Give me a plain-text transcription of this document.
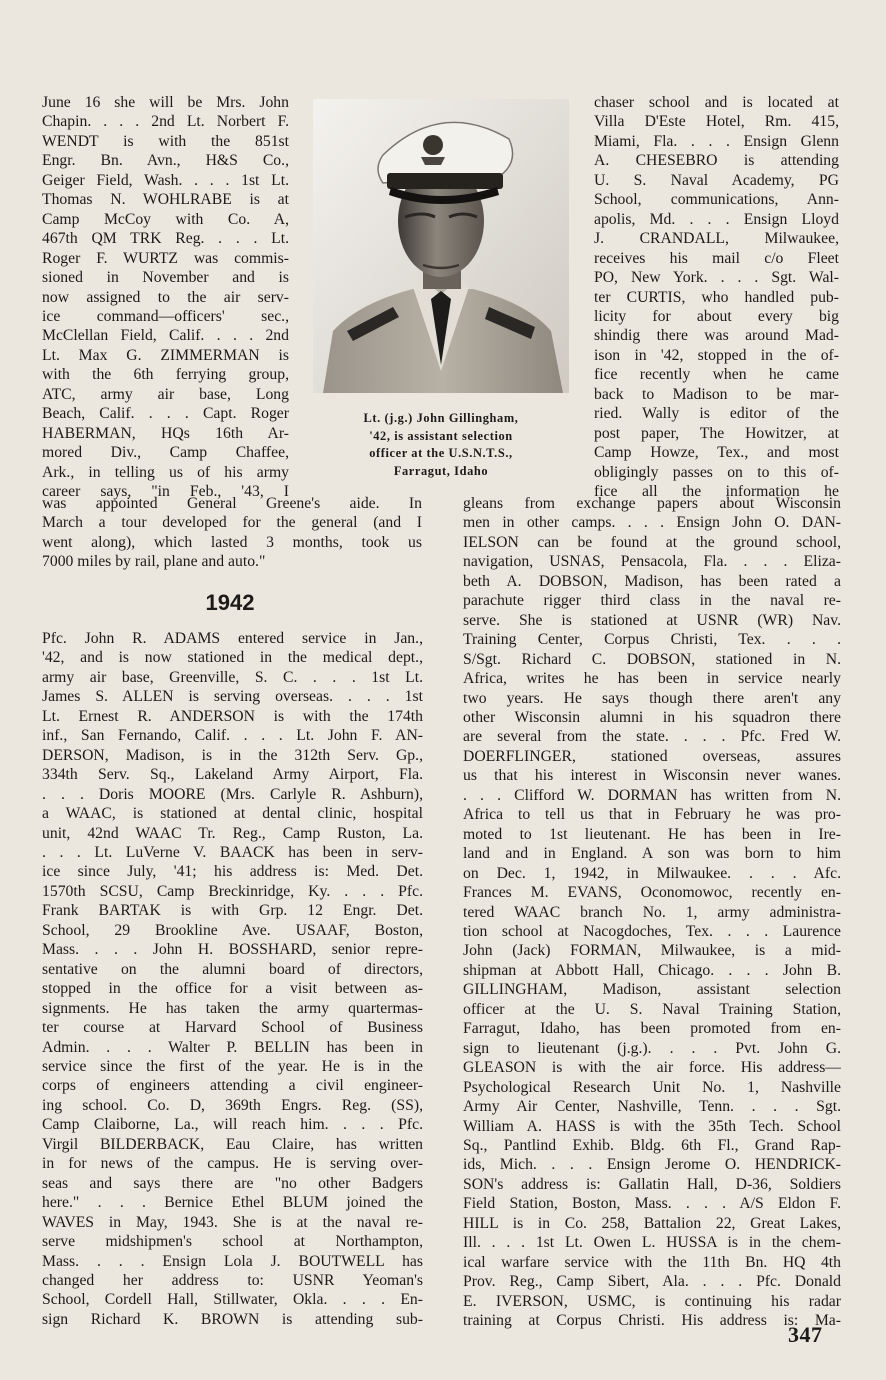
June 16 she will be Mrs. John
Chapin. . . . 2nd Lt. Norbert F.
WENDT is with the 851st
Engr. Bn. Avn., H&S Co.,
Geiger Field, Wash. . . . 1st Lt.
Thomas N. WOHLRABE is at
Camp McCoy with Co. A,
467th QM TRK Reg. . . . Lt.
Roger F. WURTZ was commis-
sioned in November and is
now assigned to the air serv-
ice command—officers' sec.,
McClellan Field, Calif. . . . 2nd
Lt. Max G. ZIMMERMAN is
with the 6th ferrying group,
ATC, army air base, Long
Beach, Calif. . . . Capt. Roger
HABERMAN, HQs 16th Ar-
mored Div., Camp Chaffee,
Ark., in telling us of his army
career says, "in Feb., '43, I
was appointed General Greene's aide. In
March a tour developed for the general (and I
went along), which lasted 3 months, took us
7000 miles by rail, plane and auto."
1942
Pfc. John R. ADAMS entered service in Jan.,
'42, and is now stationed in the medical dept.,
army air base, Greenville, S. C. . . . 1st Lt.
James S. ALLEN is serving overseas. . . . 1st
Lt. Ernest R. ANDERSON is with the 174th
inf., San Fernando, Calif. . . . Lt. John F. AN-
DERSON, Madison, is in the 312th Serv. Gp.,
334th Serv. Sq., Lakeland Army Airport, Fla.
. . . Doris MOORE (Mrs. Carlyle R. Ashburn),
a WAAC, is stationed at dental clinic, hospital
unit, 42nd WAAC Tr. Reg., Camp Ruston, La.
. . . Lt. LuVerne V. BAACK has been in serv-
ice since July, '41; his address is: Med. Det.
1570th SCSU, Camp Breckinridge, Ky. . . . Pfc.
Frank BARTAK is with Grp. 12 Engr. Det.
School, 29 Brookline Ave. USAAF, Boston,
Mass. . . . John H. BOSSHARD, senior repre-
sentative on the alumni board of directors,
stopped in the office for a visit between as-
signments. He has taken the army quartermas-
ter course at Harvard School of Business
Admin. . . . Walter P. BELLIN has been in
service since the first of the year. He is in the
corps of engineers attending a civil engineer-
ing school. Co. D, 369th Engrs. Reg. (SS),
Camp Claiborne, La., will reach him. . . . Pfc.
Virgil BILDERBACK, Eau Claire, has written
in for news of the campus. He is serving over-
seas and says there are "no other Badgers
here." . . . Bernice Ethel BLUM joined the
WAVES in May, 1943. She is at the naval re-
serve midshipmen's school at Northampton,
Mass. . . . Ensign Lola J. BOUTWELL has
changed her address to: USNR Yeoman's
School, Cordell Hall, Stillwater, Okla. . . . En-
sign Richard K. BROWN is attending sub-
Lt. (j.g.) John Gillingham,
'42, is assistant selection
officer at the U.S.N.T.S.,
Farragut, Idaho
chaser school and is located at
Villa D'Este Hotel, Rm. 415,
Miami, Fla. . . . Ensign Glenn
A. CHESEBRO is attending
U. S. Naval Academy, PG
School, communications, Ann-
apolis, Md. . . . Ensign Lloyd
J. CRANDALL, Milwaukee,
receives his mail c/o Fleet
PO, New York. . . . Sgt. Wal-
ter CURTIS, who handled pub-
licity for about every big
shindig there was around Mad-
ison in '42, stopped in the of-
fice recently when he came
back to Madison to be mar-
ried. Wally is editor of the
post paper, The Howitzer, at
Camp Howze, Tex., and most
obligingly passes on to this of-
fice all the information he
gleans from exchange papers about Wisconsin
men in other camps. . . . Ensign John O. DAN-
IELSON can be found at the ground school,
navigation, USNAS, Pensacola, Fla. . . . Eliza-
beth A. DOBSON, Madison, has been rated a
parachute rigger third class in the naval re-
serve. She is stationed at USNR (WR) Nav.
Training Center, Corpus Christi, Tex. . . .
S/Sgt. Richard C. DOBSON, stationed in N.
Africa, writes he has been in service nearly
two years. He says though there aren't any
other Wisconsin alumni in his squadron there
are several from the state. . . . Pfc. Fred W.
DOERFLINGER, stationed overseas, assures
us that his interest in Wisconsin never wanes.
. . . Clifford W. DORMAN has written from N.
Africa to tell us that in February he was pro-
moted to 1st lieutenant. He has been in Ire-
land and in England. A son was born to him
on Dec. 1, 1942, in Milwaukee. . . . Afc.
Frances M. EVANS, Oconomowoc, recently en-
tered WAAC branch No. 1, army administra-
tion school at Nacogdoches, Tex. . . . Laurence
John (Jack) FORMAN, Milwaukee, is a mid-
shipman at Abbott Hall, Chicago. . . . John B.
GILLINGHAM, Madison, assistant selection
officer at the U. S. Naval Training Station,
Farragut, Idaho, has been promoted from en-
sign to lieutenant (j.g.). . . . Pvt. John G.
GLEASON is with the air force. His address—
Psychological Research Unit No. 1, Nashville
Army Air Center, Nashville, Tenn. . . . Sgt.
William A. HASS is with the 35th Tech. School
Sq., Pantlind Exhib. Bldg. 6th Fl., Grand Rap-
ids, Mich. . . . Ensign Jerome O. HENDRICK-
SON's address is: Gallatin Hall, D-36, Soldiers
Field Station, Boston, Mass. . . . A/S Eldon F.
HILL is in Co. 258, Battalion 22, Great Lakes,
Ill. . . . 1st Lt. Owen L. HUSSA is in the chem-
ical warfare service with the 11th Bn. HQ 4th
Prov. Reg., Camp Sibert, Ala. . . . Pfc. Donald
E. IVERSON, USMC, is continuing his radar
training at Corpus Christi. His address is: Ma-
347
